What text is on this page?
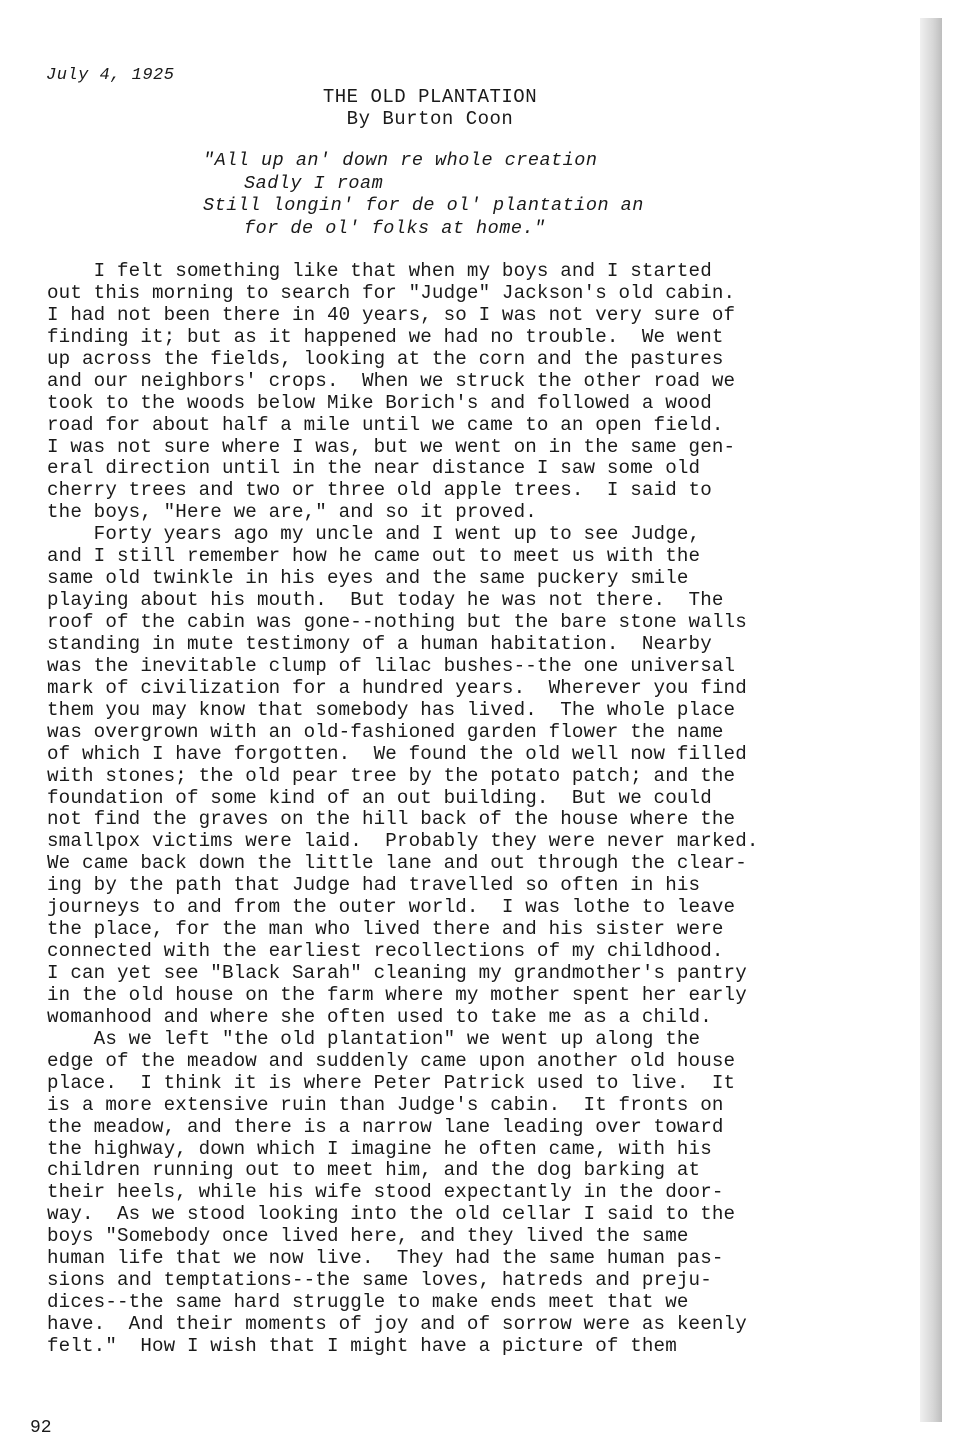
July 4, 1925
THE OLD PLANTATION
By Burton Coon
"All up an' down re whole creation
Sadly I roam
Still longin' for de ol' plantation an
for de ol' folks at home."
I felt something like that when my boys and I started
out this morning to search for "Judge" Jackson's old cabin.
I had not been there in 40 years, so I was not very sure of
finding it; but as it happened we had no trouble.  We went
up across the fields, looking at the corn and the pastures
and our neighbors' crops.  When we struck the other road we
took to the woods below Mike Borich's and followed a wood
road for about half a mile until we came to an open field.
I was not sure where I was, but we went on in the same gen-
eral direction until in the near distance I saw some old
cherry trees and two or three old apple trees.  I said to
the boys, "Here we are," and so it proved.
Forty years ago my uncle and I went up to see Judge,
and I still remember how he came out to meet us with the
same old twinkle in his eyes and the same puckery smile
playing about his mouth.  But today he was not there.  The
roof of the cabin was gone--nothing but the bare stone walls
standing in mute testimony of a human habitation.  Nearby
was the inevitable clump of lilac bushes--the one universal
mark of civilization for a hundred years.  Wherever you find
them you may know that somebody has lived.  The whole place
was overgrown with an old-fashioned garden flower the name
of which I have forgotten.  We found the old well now filled
with stones; the old pear tree by the potato patch; and the
foundation of some kind of an out building.  But we could
not find the graves on the hill back of the house where the
smallpox victims were laid.  Probably they were never marked.
We came back down the little lane and out through the clear-
ing by the path that Judge had travelled so often in his
journeys to and from the outer world.  I was lothe to leave
the place, for the man who lived there and his sister were
connected with the earliest recollections of my childhood.
I can yet see "Black Sarah" cleaning my grandmother's pantry
in the old house on the farm where my mother spent her early
womanhood and where she often used to take me as a child.
As we left "the old plantation" we went up along the
edge of the meadow and suddenly came upon another old house
place.  I think it is where Peter Patrick used to live.  It
is a more extensive ruin than Judge's cabin.  It fronts on
the meadow, and there is a narrow lane leading over toward
the highway, down which I imagine he often came, with his
children running out to meet him, and the dog barking at
their heels, while his wife stood expectantly in the door-
way.  As we stood looking into the old cellar I said to the
boys "Somebody once lived here, and they lived the same
human life that we now live.  They had the same human pas-
sions and temptations--the same loves, hatreds and preju-
dices--the same hard struggle to make ends meet that we
have.  And their moments of joy and of sorrow were as keenly
felt."  How I wish that I might have a picture of them
92
